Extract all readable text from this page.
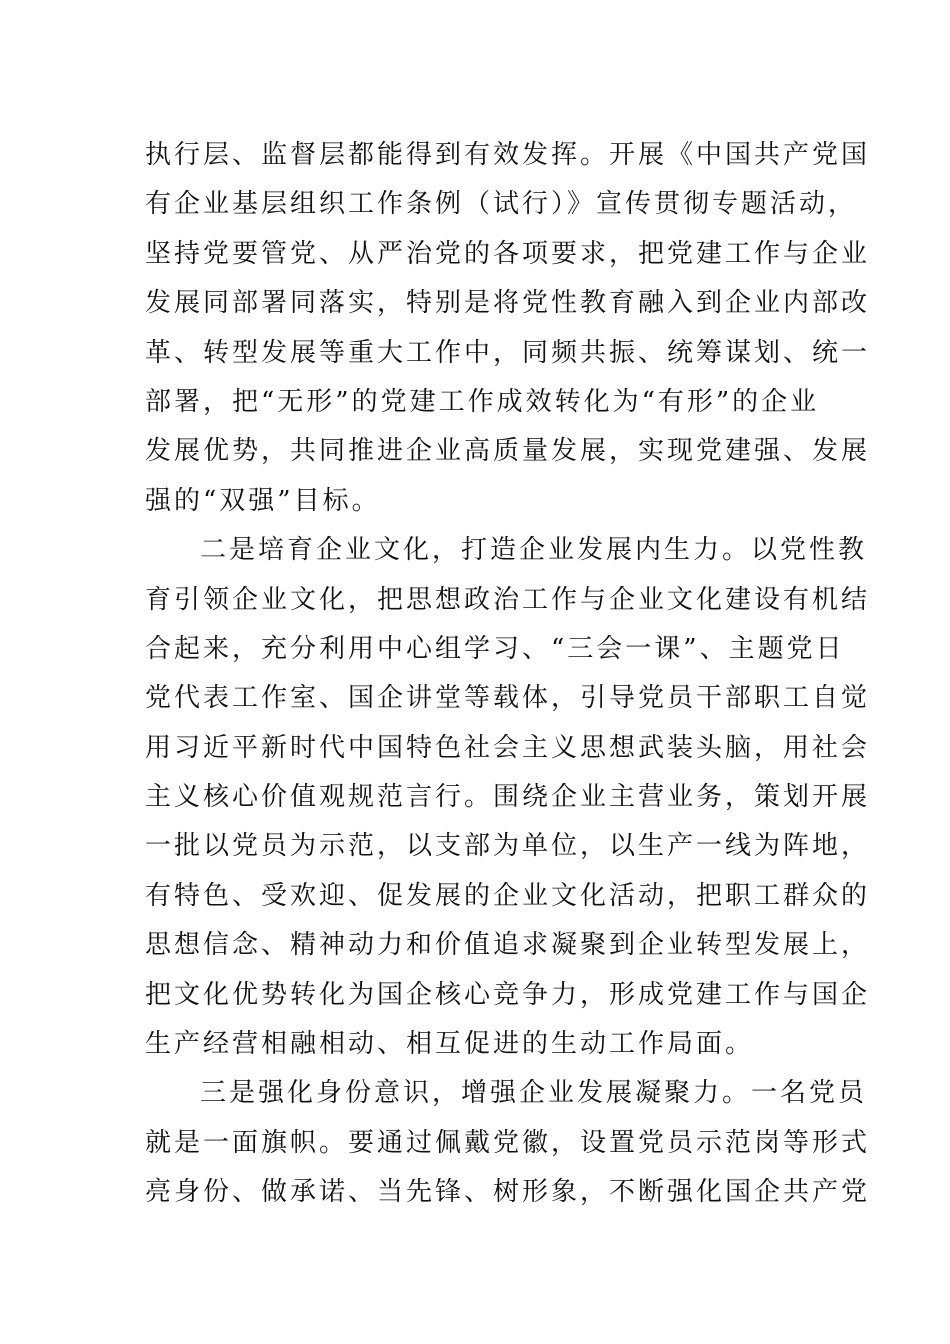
执行层、监督层都能得到有效发挥。开展《中国共产党国
有企业基层组织工作条例（试行）》宣传贯彻专题活动，
坚持党要管党、从严治党的各项要求，把党建工作与企业
发展同部署同落实，特别是将党性教育融入到企业内部改
革、转型发展等重大工作中，同频共振、统筹谋划、统一
部署，把“无形”的党建工作成效转化为“有形”的企业
发展优势，共同推进企业高质量发展，实现党建强、发展
强的“双强”目标。
二是培育企业文化，打造企业发展内生力。以党性教
育引领企业文化，把思想政治工作与企业文化建设有机结
合起来，充分利用中心组学习、“三会一课”、主题党日
党代表工作室、国企讲堂等载体，引导党员干部职工自觉
用习近平新时代中国特色社会主义思想武装头脑，用社会
主义核心价值观规范言行。围绕企业主营业务，策划开展
一批以党员为示范，以支部为单位，以生产一线为阵地，
有特色、受欢迎、促发展的企业文化活动，把职工群众的
思想信念、精神动力和价值追求凝聚到企业转型发展上，
把文化优势转化为国企核心竞争力，形成党建工作与国企
生产经营相融相动、相互促进的生动工作局面。
三是强化身份意识，增强企业发展凝聚力。一名党员
就是一面旗帜。要通过佩戴党徽，设置党员示范岗等形式
亮身份、做承诺、当先锋、树形象，不断强化国企共产党
